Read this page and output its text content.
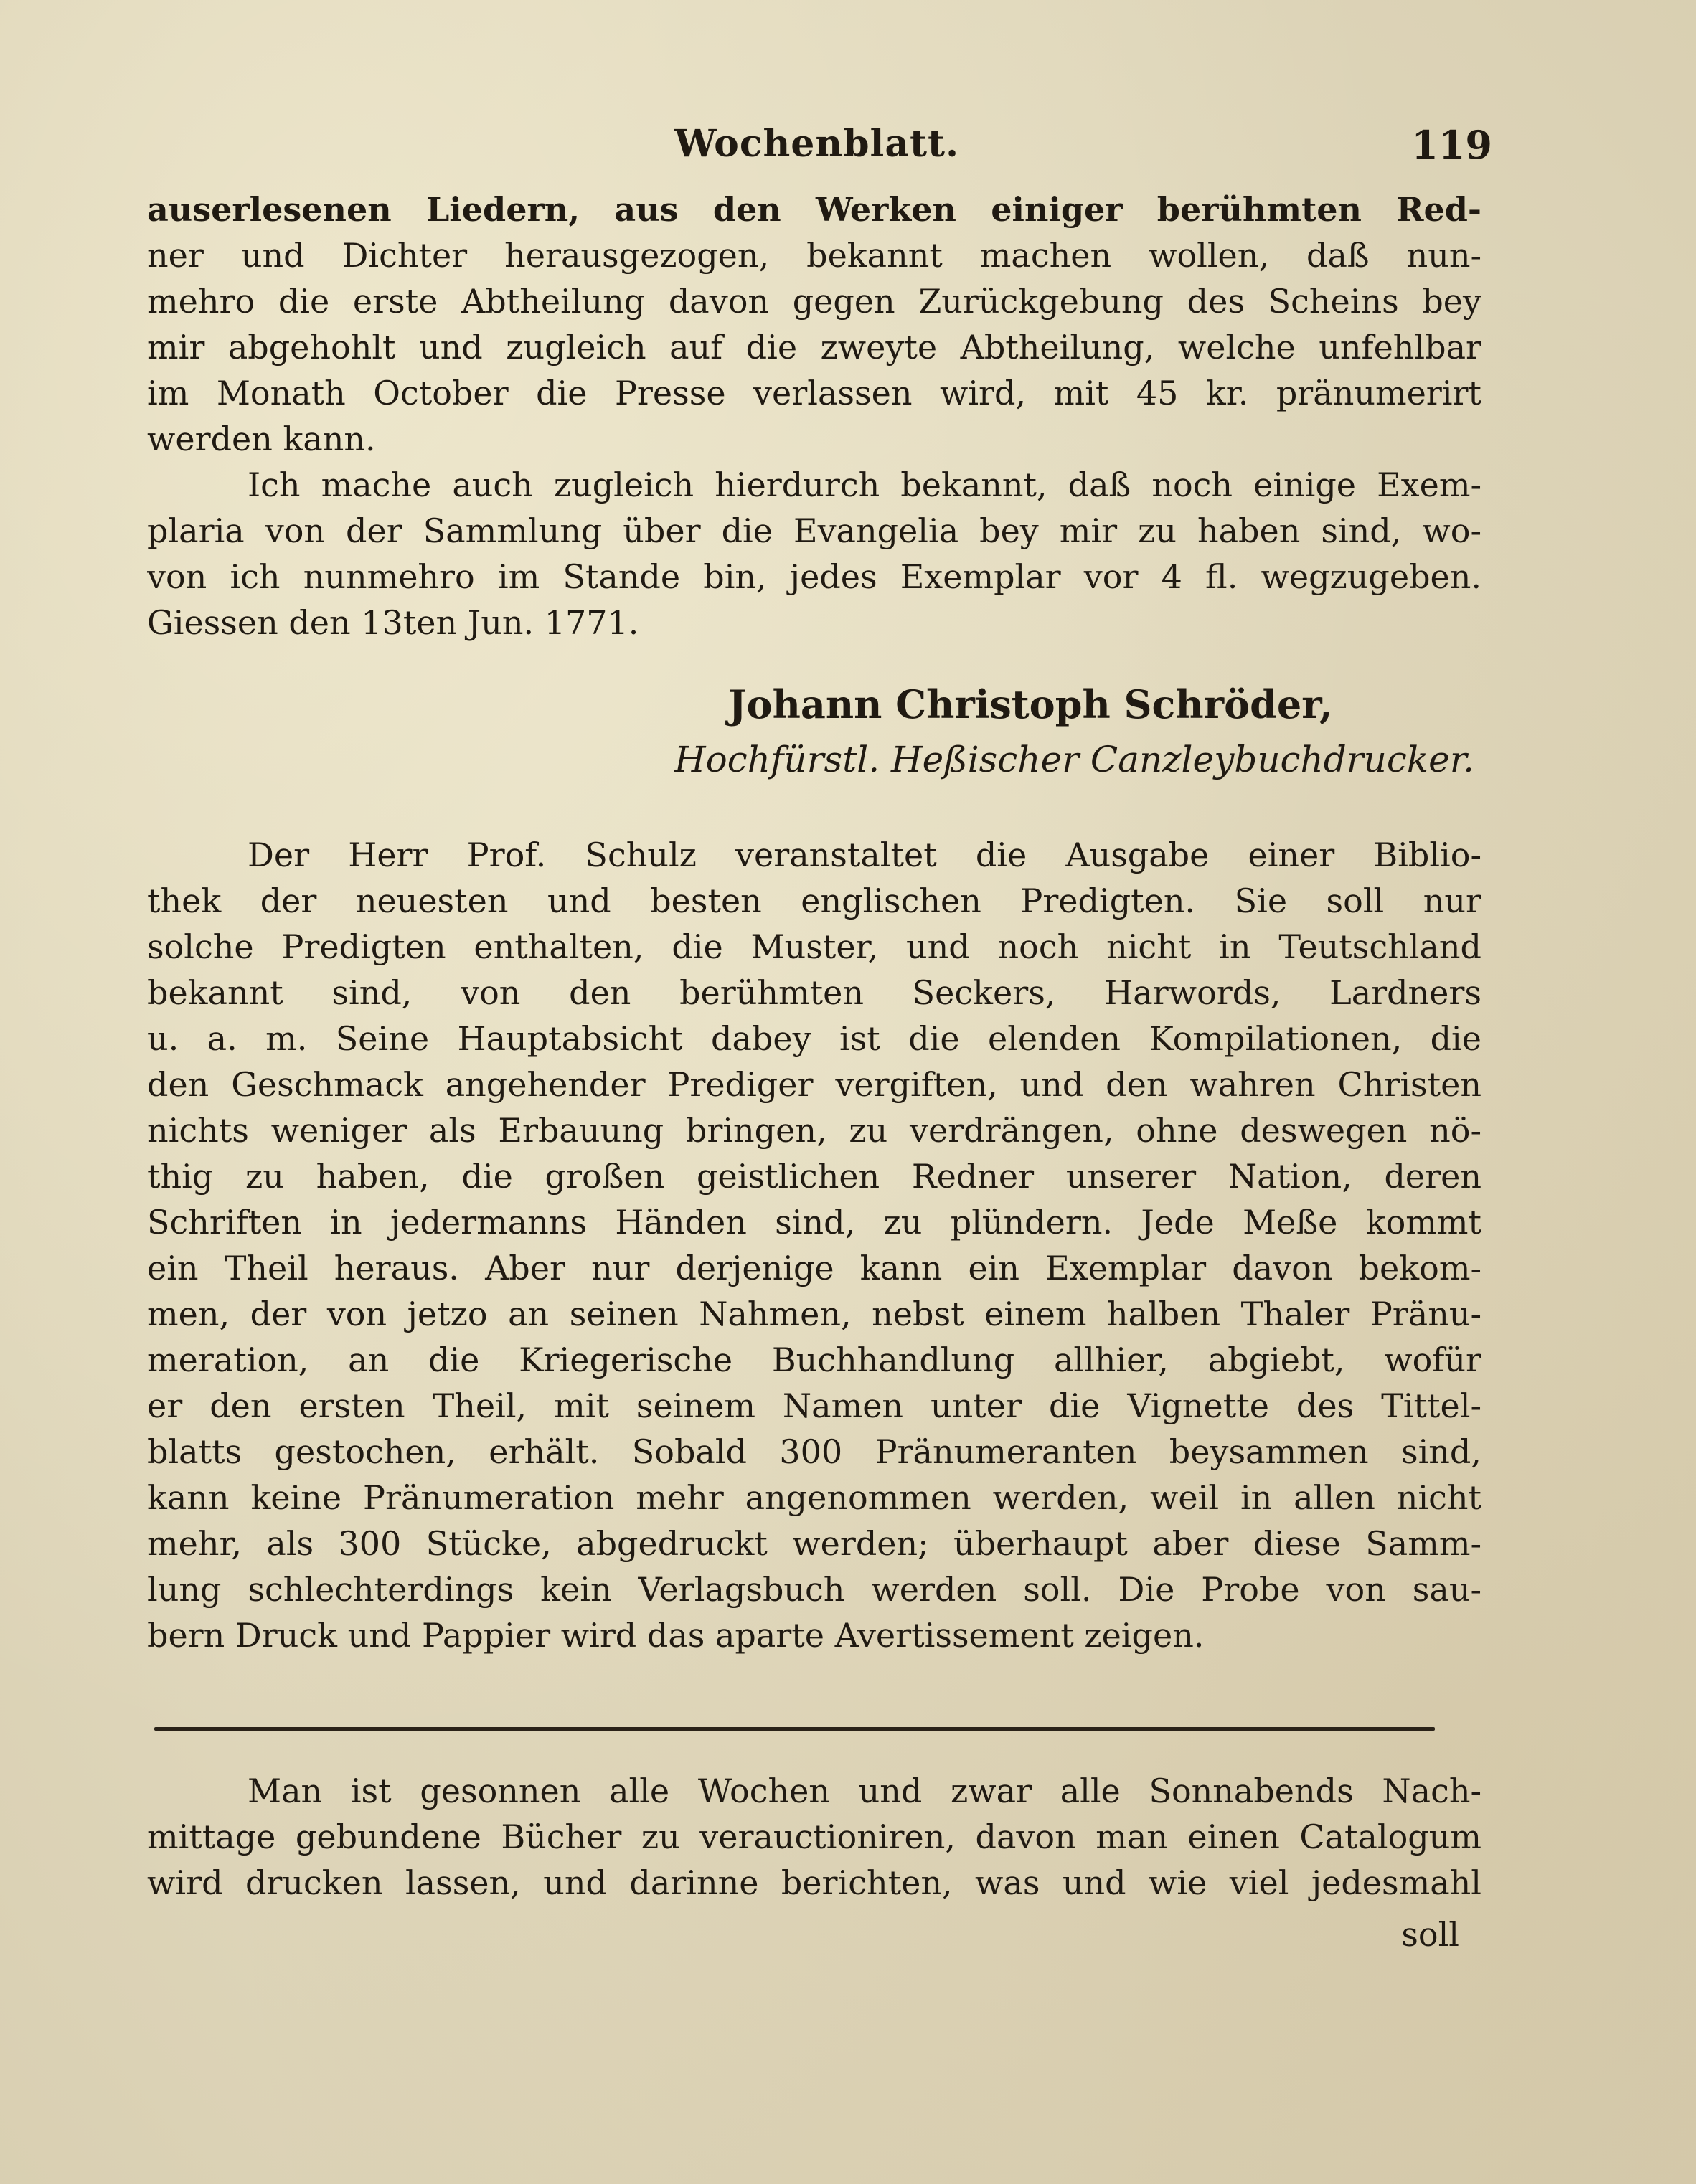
Wochenblatt.	119
auserlesenen Liedern, aus den Werken einiger berühmten Red-
ner und Dichter herausgezogen, bekannt machen wollen, daß nun-
mehro die erste Abtheilung davon gegen Zurückgebung des Scheins bey
mir abgehohlt und zugleich auf die zweyte Abtheilung, welche unfehlbar
im Monath October die Presse verlassen wird, mit 45 kr. pränumerirt
werden kann.
Ich mache auch zugleich hierdurch bekannt, daß noch einige Exem-
plaria von der Sammlung über die Evangelia bey mir zu haben sind, wo-
von ich nunmehro im Stande bin, jedes Exemplar vor 4 fl. wegzugeben.
Giessen den 13ten Jun. 1771.
Johann Christoph Schröder,
Hochfürstl. Heßischer Canzleybuchdrucker.
Der Herr Prof. Schulz veranstaltet die Ausgabe einer Biblio-
thek der neuesten und besten englischen Predigten. Sie soll nur
solche Predigten enthalten, die Muster, und noch nicht in Teutschland
bekannt sind, von den berühmten Seckers, Harwords, Lardners
u. a. m. Seine Hauptabsicht dabey ist die elenden Kompilationen, die
den Geschmack angehender Prediger vergiften, und den wahren Christen
nichts weniger als Erbauung bringen, zu verdrängen, ohne deswegen nö-
thig zu haben, die großen geistlichen Redner unserer Nation, deren
Schriften in jedermanns Händen sind, zu plündern. Jede Meße kommt
ein Theil heraus. Aber nur derjenige kann ein Exemplar davon bekom-
men, der von jetzo an seinen Nahmen, nebst einem halben Thaler Pränu-
meration, an die Kriegerische Buchhandlung allhier, abgiebt, wofür
er den ersten Theil, mit seinem Namen unter die Vignette des Tittel-
blatts gestochen, erhält. Sobald 300 Pränumeranten beysammen sind,
kann keine Pränumeration mehr angenommen werden, weil in allen nicht
mehr, als 300 Stücke, abgedruckt werden; überhaupt aber diese Samm-
lung schlechterdings kein Verlagsbuch werden soll. Die Probe von sau-
bern Druck und Pappier wird das aparte Avertissement zeigen.
Man ist gesonnen alle Wochen und zwar alle Sonnabends Nach-
mittage gebundene Bücher zu verauctioniren, davon man einen Catalogum
wird drucken lassen, und darinne berichten, was und wie viel jedesmahl
soll
